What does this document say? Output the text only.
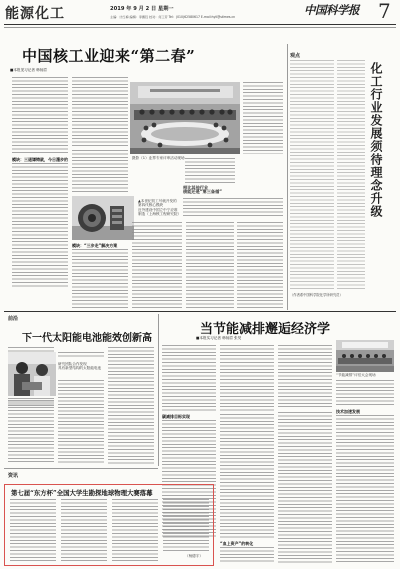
能源化工	2019 年 9 月 2 日 星期一
主编：计红梅 编辑：李惠钰 校对：何工劳 Tel：(010)62580617 E-mail:hyli@stimes.cn	中国科学报 7
中国核工业迎来“第二春”
■本报见习记者 韩扬眉
摄影（1）业界专家评审活动现场
模块：三道谭铸就，今日漫步的
相比其他行业
核能还是“第三备循”
▲本世纪初工号就开发的
第四代核心模块
近外建设中国立中宁应堆
制造（上海核工程研究院）
模块：“三步走”解决方案
观点
化工行业发展须待理念升级
（作者系中国科学院化学所研究员）
前沿
下一代太阳能电池能效创新高
研究团队合作发现
具有新型结构的太阳能电池
当节能减排邂逅经济学
■本报实习记者 韩扬眉 张昊
碳减排目标实现
“节能减排”评估大会现场
技术加速发展
“血上资产”的转化
资讯
第七届“东方杯”全国大学生勘探地球物理大赛落幕
（杨德宇）
